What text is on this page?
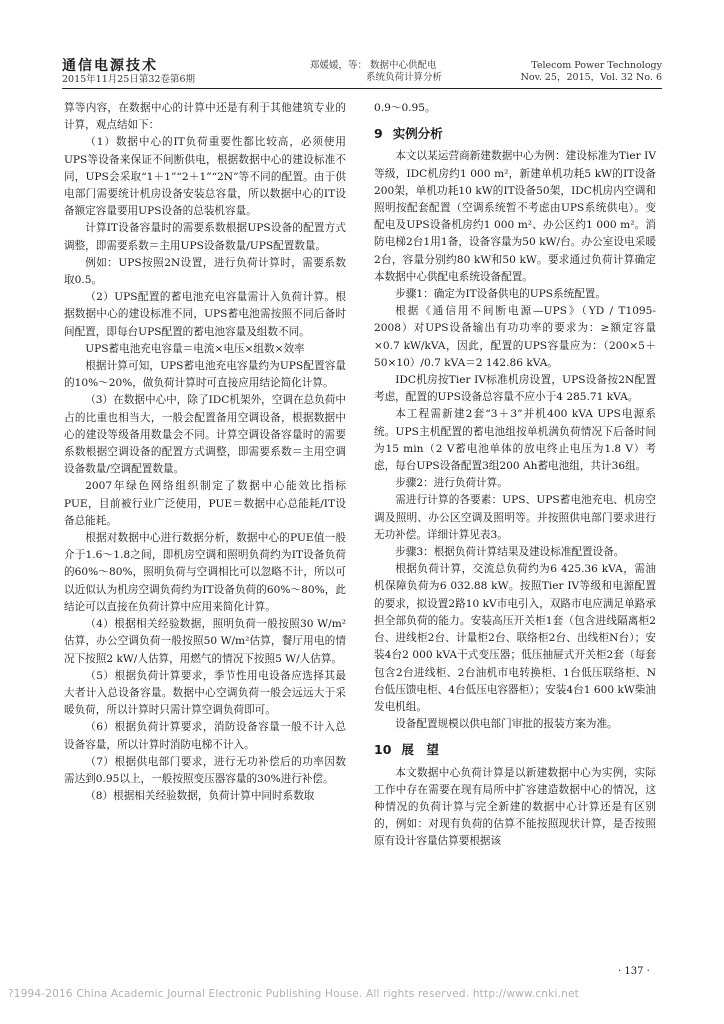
通信电源技术
2015年11月25日第32卷第6期
郑媛媛，等： 数据中心供配电
系统负荷计算分析
Telecom Power Technology
Nov. 25，2015，Vol. 32 No. 6

算等内容，在数据中心的计算中还是有利于其他建筑专业的计算，观点结如下：

（1）数据中心的IT负荷重要性都比较高，必须使用UPS等设备来保证不间断供电，根据数据中心的建设标准不同，UPS会采取“1＋1”“2＋1”“2N”等不同的配置。由于供电部门需要统计机房设备安装总容量，所以数据中心的IT设备额定容量要用UPS设备的总装机容量。

计算IT设备容量时的需要系数根据UPS设备的配置方式调整，即需要系数＝主用UPS设备数量/UPS配置数量。

例如：UPS按照2N设置，进行负荷计算时，需要系数取0.5。

（2）UPS配置的蓄电池充电容量需计入负荷计算。根据数据中心的建设标准不同，UPS蓄电池需按照不同后备时间配置，即每台UPS配置的蓄电池容量及组数不同。

UPS蓄电池充电容量＝电流×电压×组数×效率

根据计算可知，UPS蓄电池充电容量约为UPS配置容量的10%～20%，做负荷计算时可直接应用结论简化计算。

（3）在数据中心中，除了IDC机架外，空调在总负荷中占的比重也相当大，一般会配置备用空调设备，根据数据中心的建设等级备用数量会不同。计算空调设备容量时的需要系数根据空调设备的配置方式调整，即需要系数＝主用空调设备数量/空调配置数量。

2007年绿色网络组织制定了数据中心能效比指标PUE，目前被行业广泛使用，PUE＝数据中心总能耗/IT设备总能耗。

根据对数据中心进行数据分析，数据中心的PUE值一般介于1.6～1.8之间，即机房空调和照明负荷约为IT设备负荷的60%～80%，照明负荷与空调相比可以忽略不计，所以可以近似认为机房空调负荷约为IT设备负荷的60%～80%，此结论可以直接在负荷计算中应用来简化计算。

（4）根据相关经验数据，照明负荷一般按照30 W/m²估算，办公空调负荷一般按照50 W/m²估算，餐厅用电的情况下按照2 kW/人估算，用燃气的情况下按照5 W/人估算。

（5）根据负荷计算要求，季节性用电设备应选择其最大者计入总设备容量。数据中心空调负荷一般会远远大于采暖负荷，所以计算时只需计算空调负荷即可。

（6）根据负荷计算要求，消防设备容量一般不计入总设备容量，所以计算时消防电梯不计入。

（7）根据供电部门要求，进行无功补偿后的功率因数需达到0.95以上，一般按照变压器容量的30%进行补偿。

（8）根据相关经验数据，负荷计算中同时系数取

0.9～0.95。

9 实例分析

本文以某运营商新建数据中心为例：建设标准为Tier IV等级，IDC机房约1 000 m²，新建单机功耗5 kW的IT设备200架，单机功耗10 kW的IT设备50架，IDC机房内空调和照明按配套配置（空调系统暂不考虑由UPS系统供电）。变配电及UPS设备机房约1 000 m²、办公区约1 000 m²。消防电梯2台1用1备，设备容量为50 kW/台。办公室设电采暖2台，容量分别约80 kW和50 kW。要求通过负荷计算确定本数据中心供配电系统设备配置。

步骤1：确定为IT设备供电的UPS系统配置。

根据《通信用不间断电源—UPS》（YD / T1095-2008）对UPS设备输出有功功率的要求为：≥额定容量×0.7 kW/kVA，因此，配置的UPS容量应为：（200×5＋50×10）/0.7 kVA＝2 142.86 kVA。

IDC机房按Tier IV标准机房设置，UPS设备按2N配置考虑，配置的UPS设备总容量不应小于4 285.71 kVA。

本工程需新建2套“3＋3”并机400 kVA UPS电源系统。UPS主机配置的蓄电池组按单机满负荷情况下后备时间为15 min（2 V蓄电池单体的放电终止电压为1.8 V）考虑，每台UPS设备配置3组200 Ah蓄电池组，共计36组。

步骤2：进行负荷计算。

需进行计算的各要素：UPS、UPS蓄电池充电、机房空调及照明、办公区空调及照明等。并按照供电部门要求进行无功补偿。详细计算见表3。

步骤3：根据负荷计算结果及建设标准配置设备。

根据负荷计算，交流总负荷约为6 425.36 kVA，需油机保障负荷为6 032.88 kW。按照Tier IV等级和电源配置的要求，拟设置2路10 kV市电引入，双路市电应满足单路承担全部负荷的能力。安装高压开关柜1套（包含进线隔离柜2台、进线柜2台、计量柜2台、联络柜2台、出线柜N台）；安装4台2 000 kVA干式变压器；低压抽屉式开关柜2套（每套包含2台进线柜、2台油机市电转换柜、1台低压联络柜、N台低压馈电柜、4台低压电容器柜）；安装4台1 600 kW柴油发电机组。

设备配置规模以供电部门审批的报装方案为准。

10 展　望

本文数据中心负荷计算是以新建数据中心为实例，实际工作中存在需要在现有局所中扩容建造数据中心的情况，这种情况的负荷计算与完全新建的数据中心计算还是有区别的，例如：对现有负荷的估算不能按照现状计算，是否按照原有设计容量估算要根据该

· 137 ·
?1994-2016 China Academic Journal Electronic Publishing House. All rights reserved. http://www.cnki.net
